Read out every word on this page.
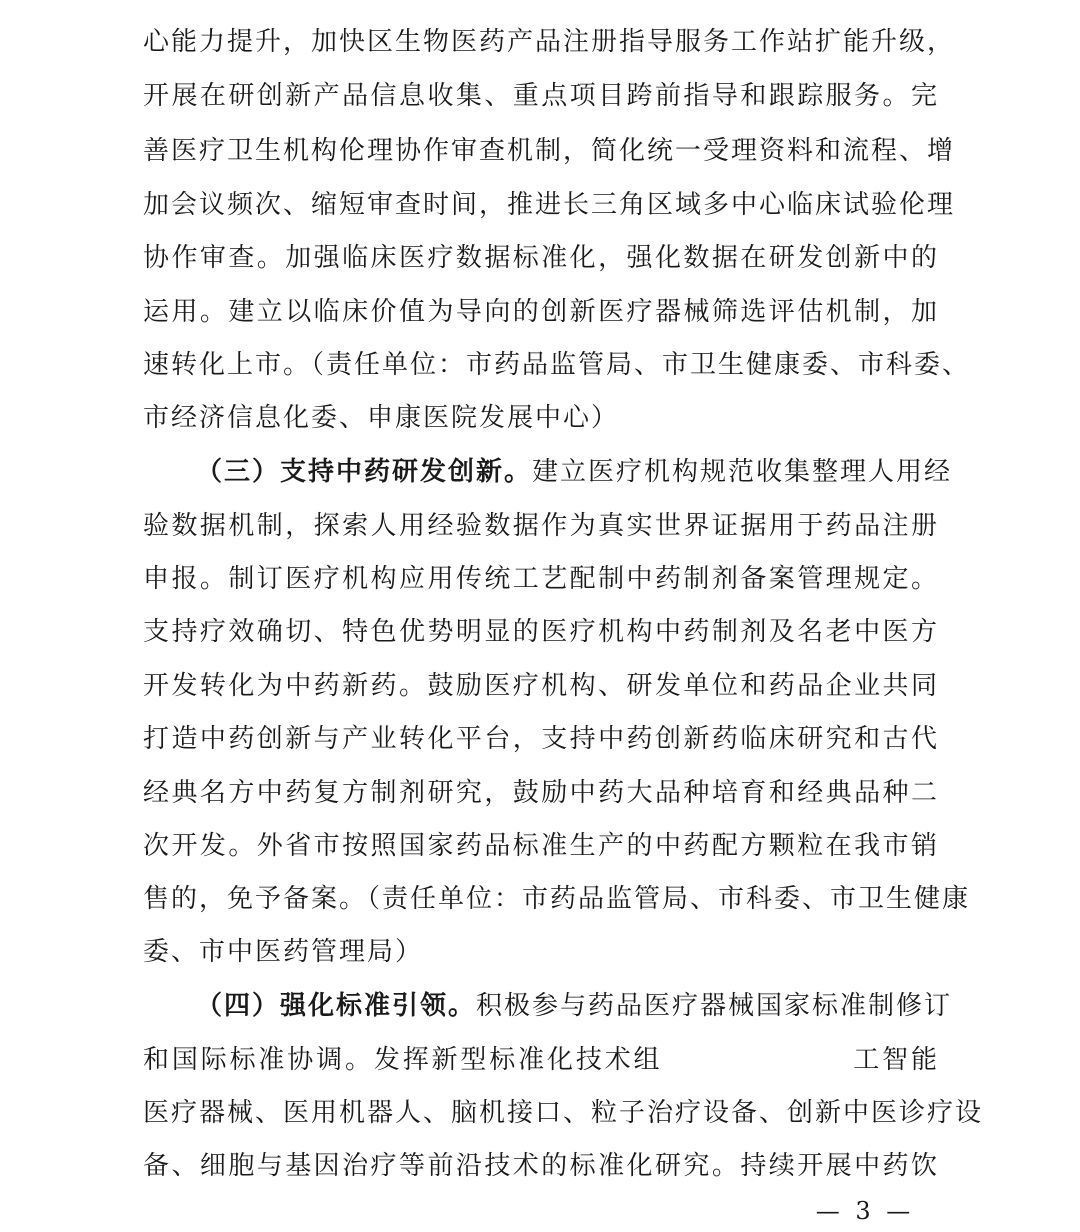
心能力提升，加快区生物医药产品注册指导服务工作站扩能升级，
开展在研创新产品信息收集、重点项目跨前指导和跟踪服务。完
善医疗卫生机构伦理协作审查机制，简化统一受理资料和流程、增
加会议频次、缩短审查时间，推进长三角区域多中心临床试验伦理
协作审查。加强临床医疗数据标准化，强化数据在研发创新中的
运用。建立以临床价值为导向的创新医疗器械筛选评估机制，加
速转化上市。（责任单位：市药品监管局、市卫生健康委、市科委、
市经济信息化委、申康医院发展中心）
（三）支持中药研发创新。建立医疗机构规范收集整理人用经
验数据机制，探索人用经验数据作为真实世界证据用于药品注册
申报。制订医疗机构应用传统工艺配制中药制剂备案管理规定。
支持疗效确切、特色优势明显的医疗机构中药制剂及名老中医方
开发转化为中药新药。鼓励医疗机构、研发单位和药品企业共同
打造中药创新与产业转化平台，支持中药创新药临床研究和古代
经典名方中药复方制剂研究，鼓励中药大品种培育和经典品种二
次开发。外省市按照国家药品标准生产的中药配方颗粒在我市销
售的，免予备案。（责任单位：市药品监管局、市科委、市卫生健康
委、市中医药管理局）
（四）强化标准引领。积极参与药品医疗器械国家标准制修订
和国际标准协调。发挥新型标准化技术组	工智能
医疗器械、医用机器人、脑机接口、粒子治疗设备、创新中医诊疗设
备、细胞与基因治疗等前沿技术的标准化研究。持续开展中药饮
— 3 —
